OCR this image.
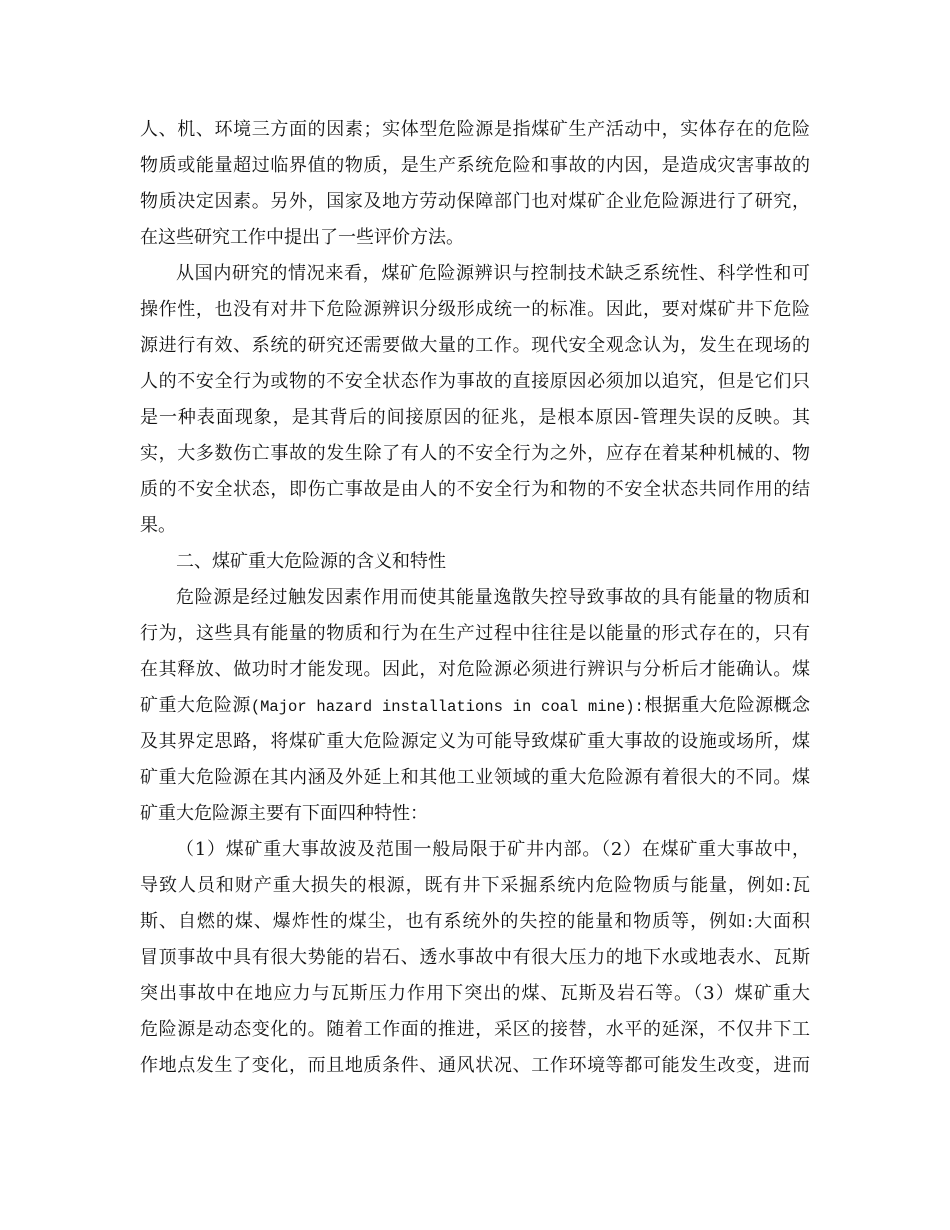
人、机、环境三方面的因素；实体型危险源是指煤矿生产活动中，实体存在的危险
物质或能量超过临界值的物质，是生产系统危险和事故的内因，是造成灾害事故的
物质决定因素。另外，国家及地方劳动保障部门也对煤矿企业危险源进行了研究，
在这些研究工作中提出了一些评价方法。
从国内研究的情况来看，煤矿危险源辨识与控制技术缺乏系统性、科学性和可
操作性，也没有对井下危险源辨识分级形成统一的标准。因此，要对煤矿井下危险
源进行有效、系统的研究还需要做大量的工作。现代安全观念认为，发生在现场的
人的不安全行为或物的不安全状态作为事故的直接原因必须加以追究，但是它们只
是一种表面现象，是其背后的间接原因的征兆，是根本原因-管理失误的反映。其
实，大多数伤亡事故的发生除了有人的不安全行为之外，应存在着某种机械的、物
质的不安全状态，即伤亡事故是由人的不安全行为和物的不安全状态共同作用的结
果。
二、煤矿重大危险源的含义和特性
危险源是经过触发因素作用而使其能量逸散失控导致事故的具有能量的物质和
行为，这些具有能量的物质和行为在生产过程中往往是以能量的形式存在的，只有
在其释放、做功时才能发现。因此，对危险源必须进行辨识与分析后才能确认。煤
矿重大危险源(Major hazard installations in coal mine):根据重大危险源概念
及其界定思路，将煤矿重大危险源定义为可能导致煤矿重大事故的设施或场所，煤
矿重大危险源在其内涵及外延上和其他工业领域的重大危险源有着很大的不同。煤
矿重大危险源主要有下面四种特性：
（1）煤矿重大事故波及范围一般局限于矿井内部。（2）在煤矿重大事故中，
导致人员和财产重大损失的根源，既有井下采掘系统内危险物质与能量，例如:瓦
斯、自燃的煤、爆炸性的煤尘，也有系统外的失控的能量和物质等，例如:大面积
冒顶事故中具有很大势能的岩石、透水事故中有很大压力的地下水或地表水、瓦斯
突出事故中在地应力与瓦斯压力作用下突出的煤、瓦斯及岩石等。（3）煤矿重大
危险源是动态变化的。随着工作面的推进，采区的接替，水平的延深，不仅井下工
作地点发生了变化，而且地质条件、通风状况、工作环境等都可能发生改变，进而
